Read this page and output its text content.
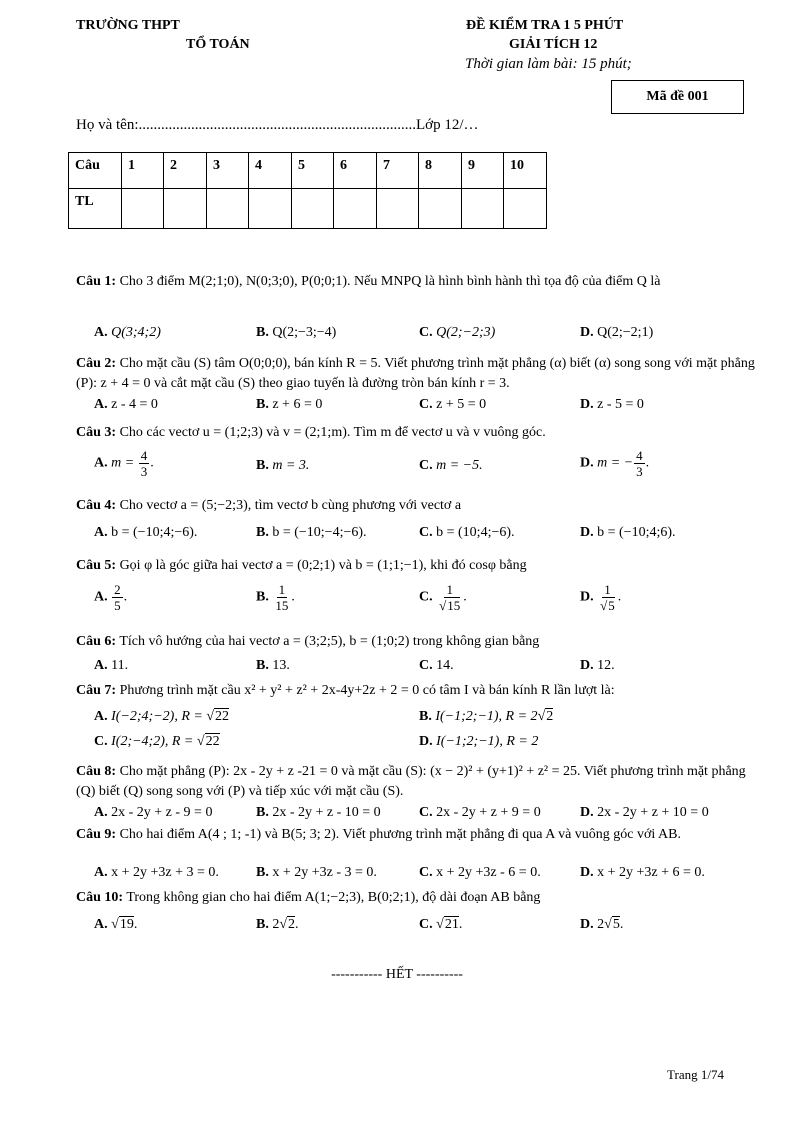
TRƯỜNG THPT
TỔ TOÁN
ĐỀ KIỂM TRA 1 5 PHÚT
GIẢI TÍCH 12
Thời gian làm bài: 15 phút;
Mã đề 001
Họ và tên:..........................................................................Lớp 12/…
Câu	1	2	3	4	5	6	7	8	9	10
TL										
Câu 1: Cho 3 điểm M(2;1;0), N(0;3;0), P(0;0;1). Nếu MNPQ là hình bình hành thì tọa độ của điểm Q là
A. Q(3;4;2)	B. Q(2;−3;−4)	C. Q(2;−2;3)	D. Q(2;−2;1)
Câu 2: Cho mặt cầu (S) tâm O(0;0;0), bán kính R = 5. Viết phương trình mặt phẳng (α) biết (α) song song với mặt phẳng (P): z + 4 = 0 và cắt mặt cầu (S) theo giao tuyến là đường tròn bán kính r = 3.
A. z - 4 = 0	B. z + 6 = 0	C. z + 5 = 0	D. z - 5 = 0
Câu 3: Cho các vectơ u = (1;2;3) và v = (2;1;m). Tìm m để vectơ u và v vuông góc.
A. $m = \frac{4}{3}$ .	B. m = 3.	C. m = −5.	D. m = − $\frac{4}{3}$ .
Câu 4: Cho vectơ a = (5;−2;3), tìm vectơ b cùng phương với vectơ a
A. b = (−10;4;−6).	B. b = (−10;−4;−6).	C. b = (10;4;−6).	D. b = (−10;4;6).
Câu 5: Gọi φ là góc giữa hai vectơ a = (0;2;1) và b = (1;1;−1), khi đó cosφ bằng
A. $\frac{2}{5}$ .	B. $\frac{1}{15}$ .	C. $\frac{1}{√15}$ .	D. $\frac{1}{√5}$ .
Câu 6: Tích vô hướng của hai vectơ a = (3;2;5), b = (1;0;2) trong không gian bằng
A. 11.	B. 13.	C. 14.	D. 12.
Câu 7: Phương trình mặt cầu x² + y² + z² + 2x-4y+2z + 2 = 0 có tâm I và bán kính R lần lượt là:
A. I(−2;4;−2), R = √22	B. I(−1;2;−1), R = 2√2
C. I(2;−4;2), R = √22	D. I(−1;2;−1), R = 2
Câu 8: Cho mặt phẳng (P): 2x - 2y + z -21 = 0 và mặt cầu (S): (x − 2)² + (y+1)² + z² = 25. Viết phương trình mặt phẳng (Q) biết (Q) song song với (P) và tiếp xúc với mặt cầu (S).
A. 2x - 2y + z - 9 = 0	B. 2x - 2y + z - 10 = 0	C. 2x - 2y + z + 9 = 0	D. 2x - 2y + z + 10 = 0
Câu 9: Cho hai điểm A(4 ; 1; -1) và B(5; 3; 2). Viết phương trình mặt phẳng đi qua A và vuông góc với AB.
A. x + 2y +3z + 3 = 0.	B. x + 2y +3z - 3 = 0.	C. x + 2y +3z - 6 = 0.	D. x + 2y +3z + 6 = 0.
Câu 10: Trong không gian cho hai điểm A(1;−2;3), B(0;2;1), độ dài đoạn AB bằng
A. √19.	B. 2√2.	C. √21.	D. 2√5.
----------- HẾT ----------
Trang 1/74
